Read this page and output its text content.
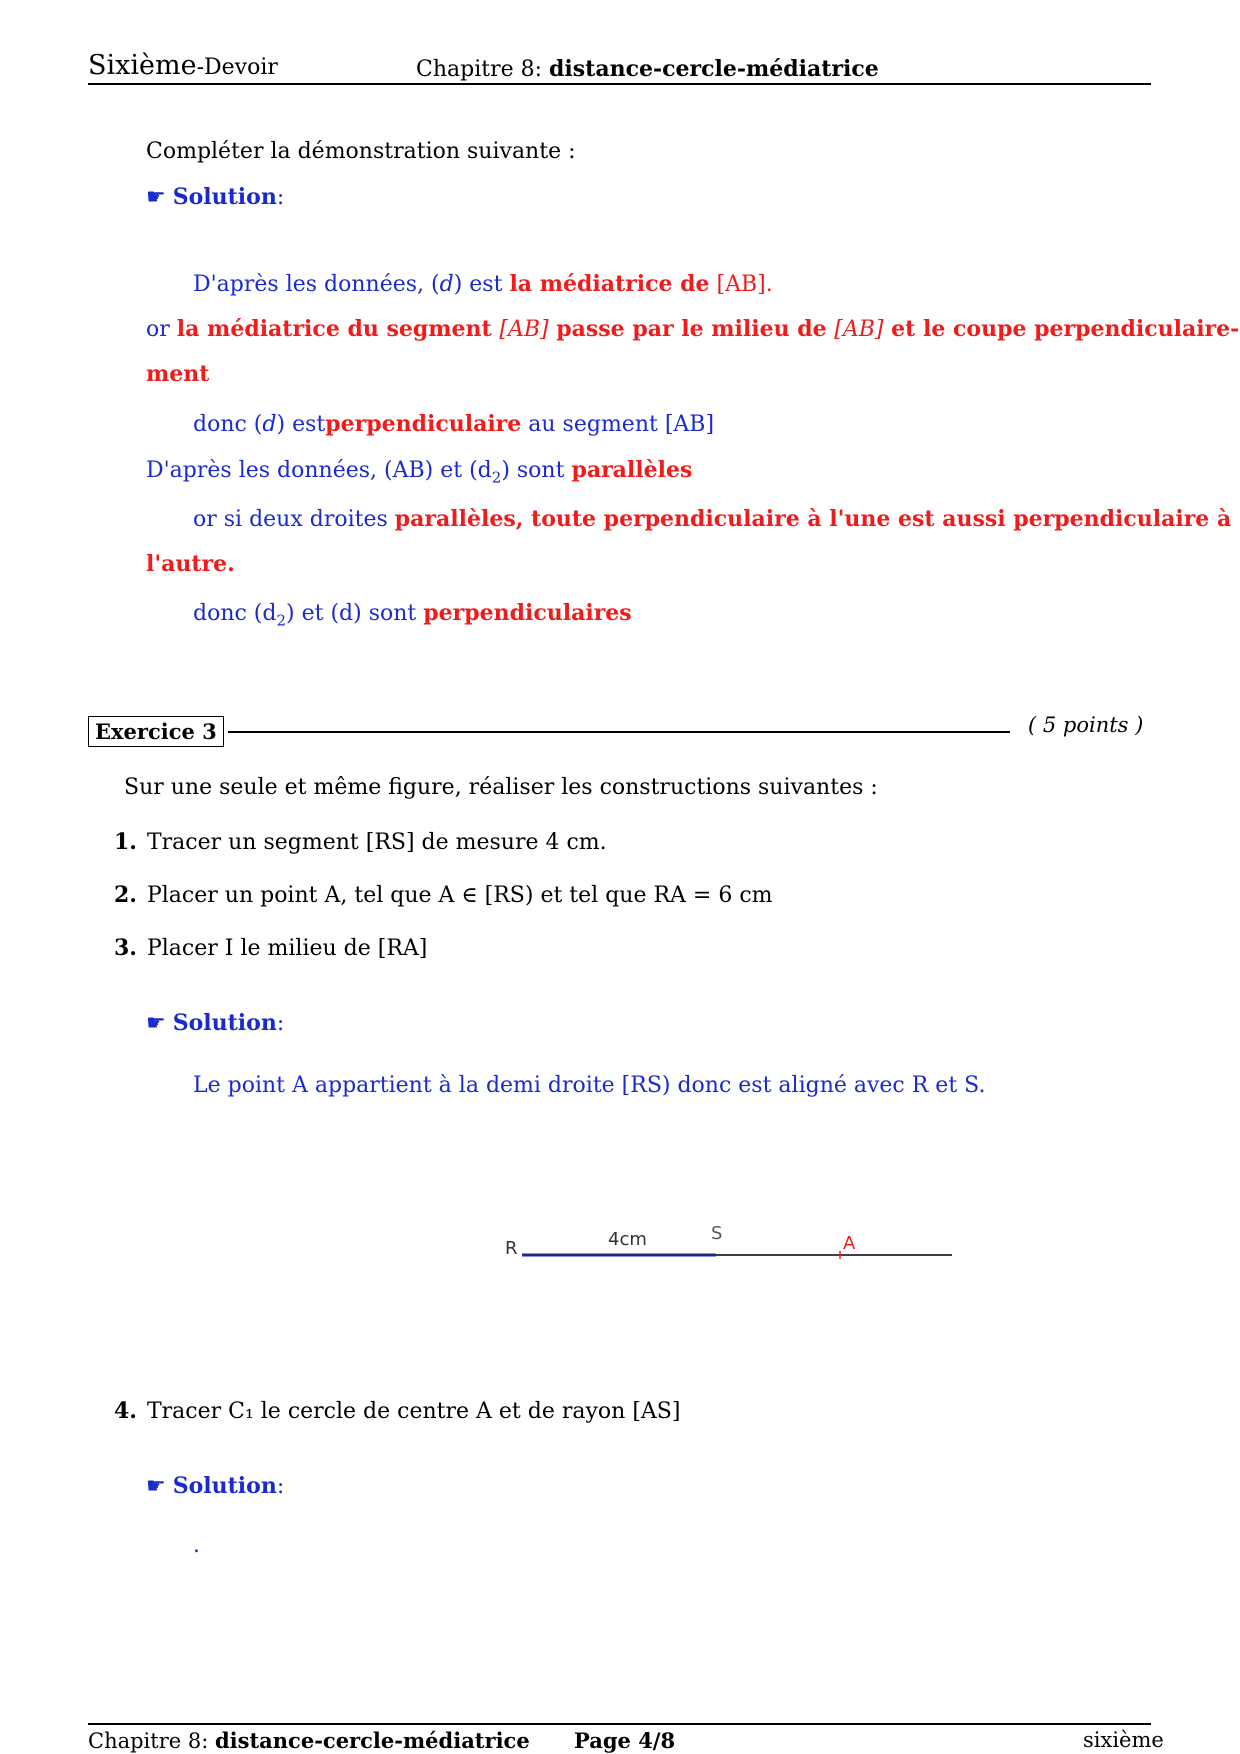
Sixième-Devoir	Chapitre 8: distance-cercle-médiatrice
Compléter la démonstration suivante :
☛ Solution:
D'après les données, (d) est la médiatrice de [AB].
or la médiatrice du segment [AB] passe par le milieu de [AB] et le coupe perpendiculaire-
ment
donc (d) estperpendiculaire au segment [AB]
D'après les données, (AB) et $(d_2)$ sont parallèles
or si deux droites parallèles, toute perpendiculaire à l'une est aussi perpendiculaire à
l'autre.
donc $(d_2)$ et (d) sont perpendiculaires
Exercice 3	( 5 points )
Sur une seule et même figure, réaliser les constructions suivantes :
1. Tracer un segment [RS] de mesure 4 cm.
2. Placer un point A, tel que A ∈ [RS) et tel que RA = 6 cm
3. Placer I le milieu de [RA]
☛ Solution:
Le point A appartient à la demi droite [RS) donc est aligné avec R et S.
R	4cm	S	A
4. Tracer C₁ le cercle de centre A et de rayon [AS]
☛ Solution:
.
Chapitre 8: distance-cercle-médiatrice Page 4/8	sixième
